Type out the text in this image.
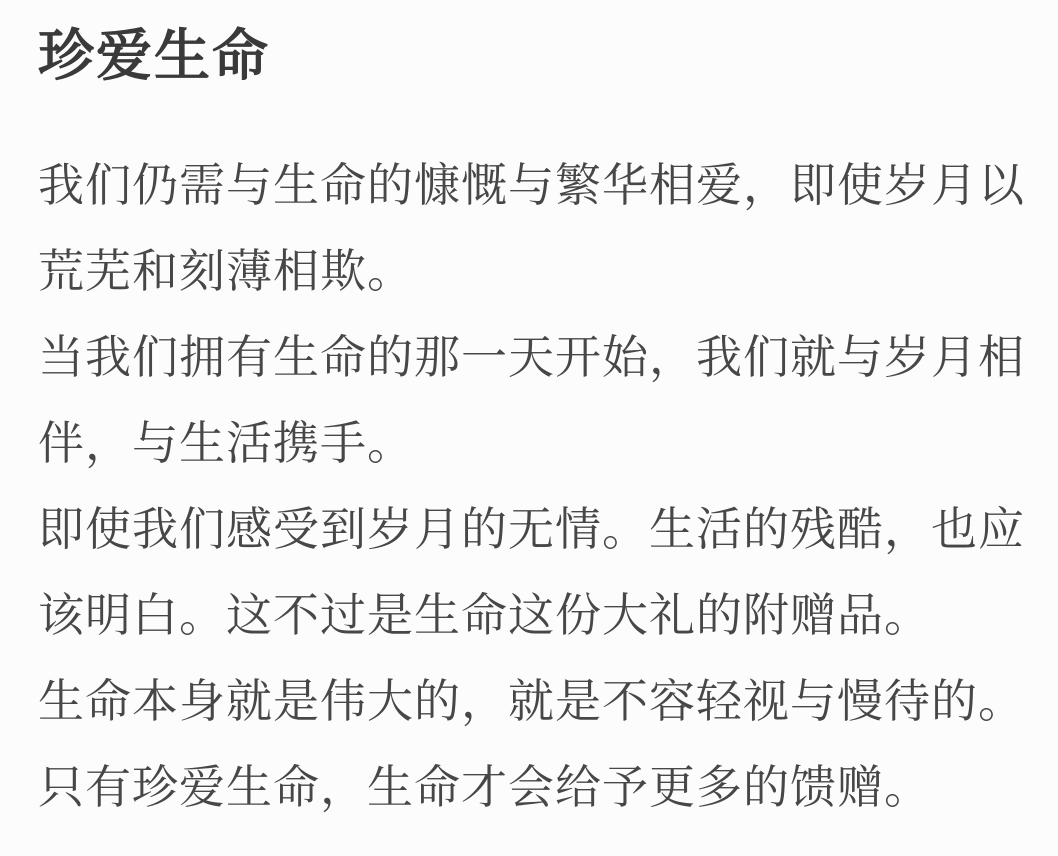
珍爱生命

我们仍需与生命的慷慨与繁华相爱，即使岁月以
荒芜和刻薄相欺。

当我们拥有生命的那一天开始，我们就与岁月相
伴，与生活携手。

即使我们感受到岁月的无情。生活的残酷，也应
该明白。这不过是生命这份大礼的附赠品。

生命本身就是伟大的，就是不容轻视与慢待的。

只有珍爱生命，生命才会给予更多的馈赠。
